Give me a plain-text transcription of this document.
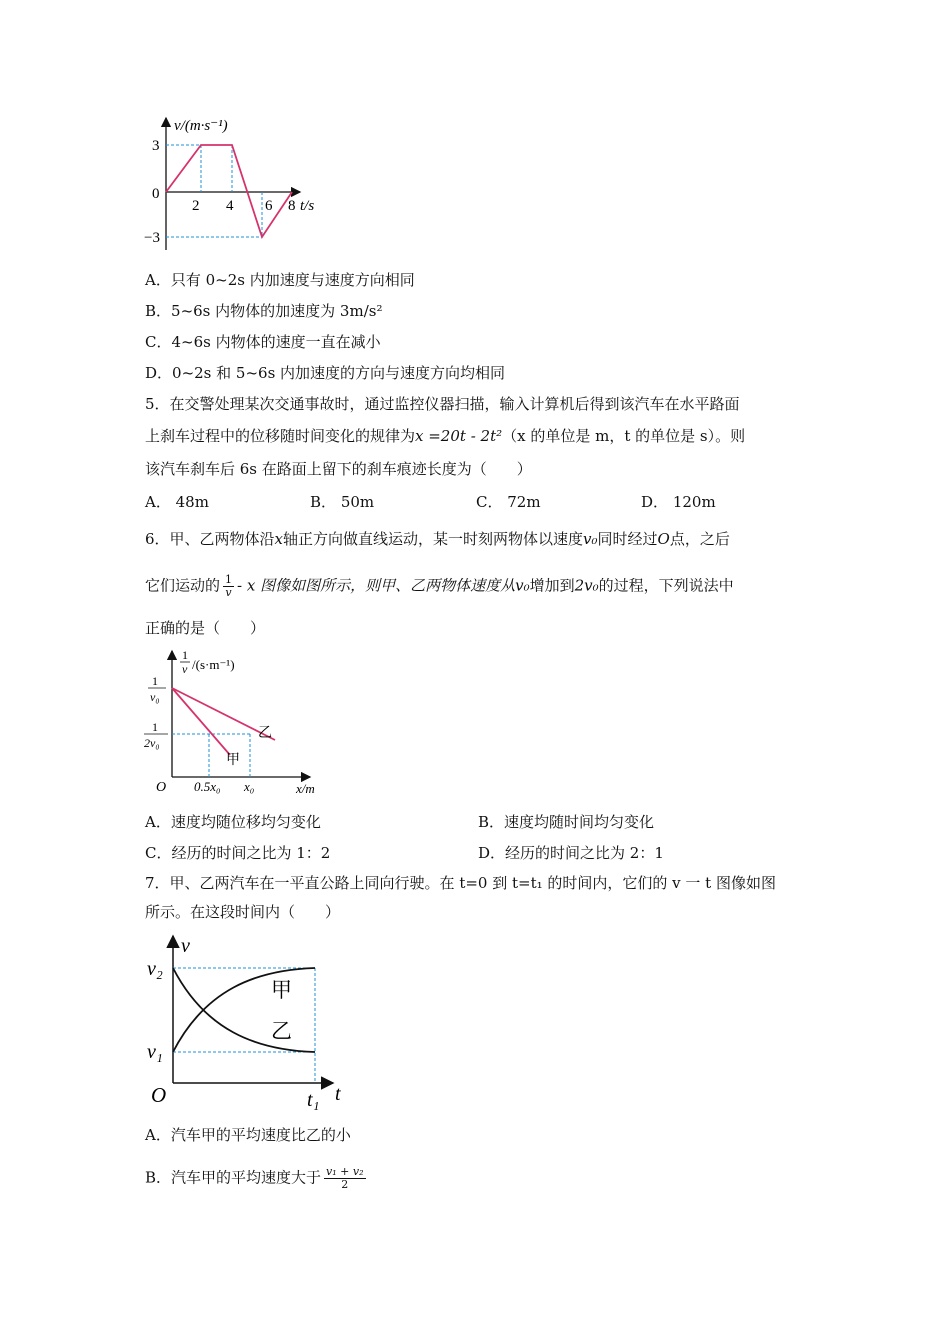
v/(m·s⁻¹)
3
0
−3
2 4 6 8 t/s
A．只有 0~2s 内加速度与速度方向相同
B．5~6s 内物体的加速度为 3m/s²
C．4~6s 内物体的速度一直在减小
D．0~2s 和 5~6s 内加速度的方向与速度方向均相同
5．在交警处理某次交通事故时，通过监控仪器扫描，输入计算机后得到该汽车在水平路面
上刹车过程中的位移随时间变化的规律为x =20t - 2t²（x 的单位是 m，t 的单位是 s）。则
该汽车刹车后 6s 在路面上留下的刹车痕迹长度为（　　）
A． 48m	B． 50m	C． 72m	D． 120m
6．甲、乙两物体沿x轴正方向做直线运动，某一时刻两物体以速度v₀同时经过O点，之后
它们运动的 $\frac{1}{v}$ - x 图像如图所示，则甲、乙两物体速度从v₀增加到2v₀的过程，下列说法中
正确的是（　　）
1
v /(s·m⁻¹)
1
v₀
1
2v₀
乙
甲
O 0.5x₀ x₀	x/m
A．速度均随位移均匀变化	B．速度均随时间均匀变化
C．经历的时间之比为 1：2	D．经历的时间之比为 2：1
7．甲、乙两汽车在一平直公路上同向行驶。在 t=0 到 t=t₁ 的时间内，它们的 v 一 t 图像如图
所示。在这段时间内（　　）
v
v₂
v₁
甲
乙
O	t₁ t
A．汽车甲的平均速度比乙的小
B．汽车甲的平均速度大于 $\frac{\text{v₁ + v₂}}{2}$
